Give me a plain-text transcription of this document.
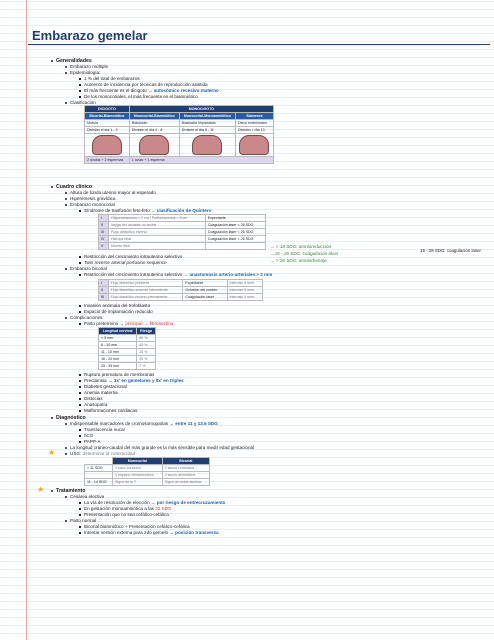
Embarazo gemelar
Generalidades
Embarazo múltiple
Epidemiología:
1 % del total de embarazos
Aumento de incidencia por técnicas de reproducción asistida
El más frecuente es el dicigoto → autosómico recesivo materno
De los monocoriales, el más frecuente es el biamniótico
Clasificación
DICIGOTO	MONOCIGOTO		
Bicorial-Biamniótico	Monocorial-Biamniótico	Monocorial-Monoamniótico	Siameses
Mórula	Blastocito	Blastocito implantado	Disco embrionario
División el día 1 - 3	División el día 4 - 8	División el día 8 - 11	División > día 13

2 óvulos + 2 espermas	1 óvulo + 1 esperma		
Cuadro clínico
Altura de fondo uterino mayor al esperado
Hiperémesis gravídica
Embarazo monocorial
Síndrome de trasfusión feto-feto → clasificación de Quintero
I	Oligohidramnios < 2 cm / Polihidramnios > 8 cm	Expectante
II	Vejiga del donante no visible	Coagulación láser < 26 SDG
III	Flujo diastólico inverso	Coagulación láser < 26 SDG
IV	Hidrops fetal	Coagulación láser < 26 SDG
V	Muerte fetal		→ < 18 SDG: amnioreducción
→15 - 26 SDG: coagulación láser
→ > 26 SDG: amniodrenaje
15 - 28 SDG: coagulación laser
Restricción del crecimiento intrauterino selectivo
Twin reverse arterial perfusion sequence
Embarazo bicorial
Restricción del crecimiento intrauterino selectivo → anastomosis arterio-arteriales > 2 mm
I	Flujo diastólico presente	Expectante	Intervalo 6 sem
II	Flujo diastólico ausente intermitente	Oclusión del cordón	Intervalo 5 sem
III	Flujo diastólico reverso permanente	Coagulación láser	Intervalo 5 sem
Invasión anómala del trofoblasto
Espacio de implantación reducido
Complicaciones:
Parto pretermino → principal → fibronectina
Longitud cervical	Riesgo
< 5 mm	80 %
6 - 10 mm	40 %
11 - 15 mm	25 %
16 - 20 mm	25 %
25 - 35 mm	2 %
Ruptura prematura de membranas
Preclamsia → 3x' en gemelares y 9x' en triples
Diabetes gestacional
Anemia materna
Distocias
Anasopatía
Malformaciones cardiacas
Diagnóstico
Indispensable marcadores de cromosomopatías → entre 11 y 13.6 SDG
Translucencia nucal
hCG
PAPP-A
La longitud cráneo-caudal del más grande es la más sensible para medir edad gestacional
★	USG: determinar la corionicidad
	Monocorial	Bicorial
< 11 SDG	1 saco coriónico	2 sacos coriónicos
	1 espacio intraamniótico	2 sacos amnióticos
11 - 14 SDG	Signo de la T	Signo de doble lambda
★ Tratamiento
Cesárea electiva
La vía de resolución de elección → por riesgo de entrecruzamiento
En gestación monoamniótica a las 32 SDG
Presentación que no sea cefálico-cefálica
Parto normal
Bicorial biamniótico + Presentación cefálico-cefálica
Intentar versión externa para 2do gemelo → posición transversa
